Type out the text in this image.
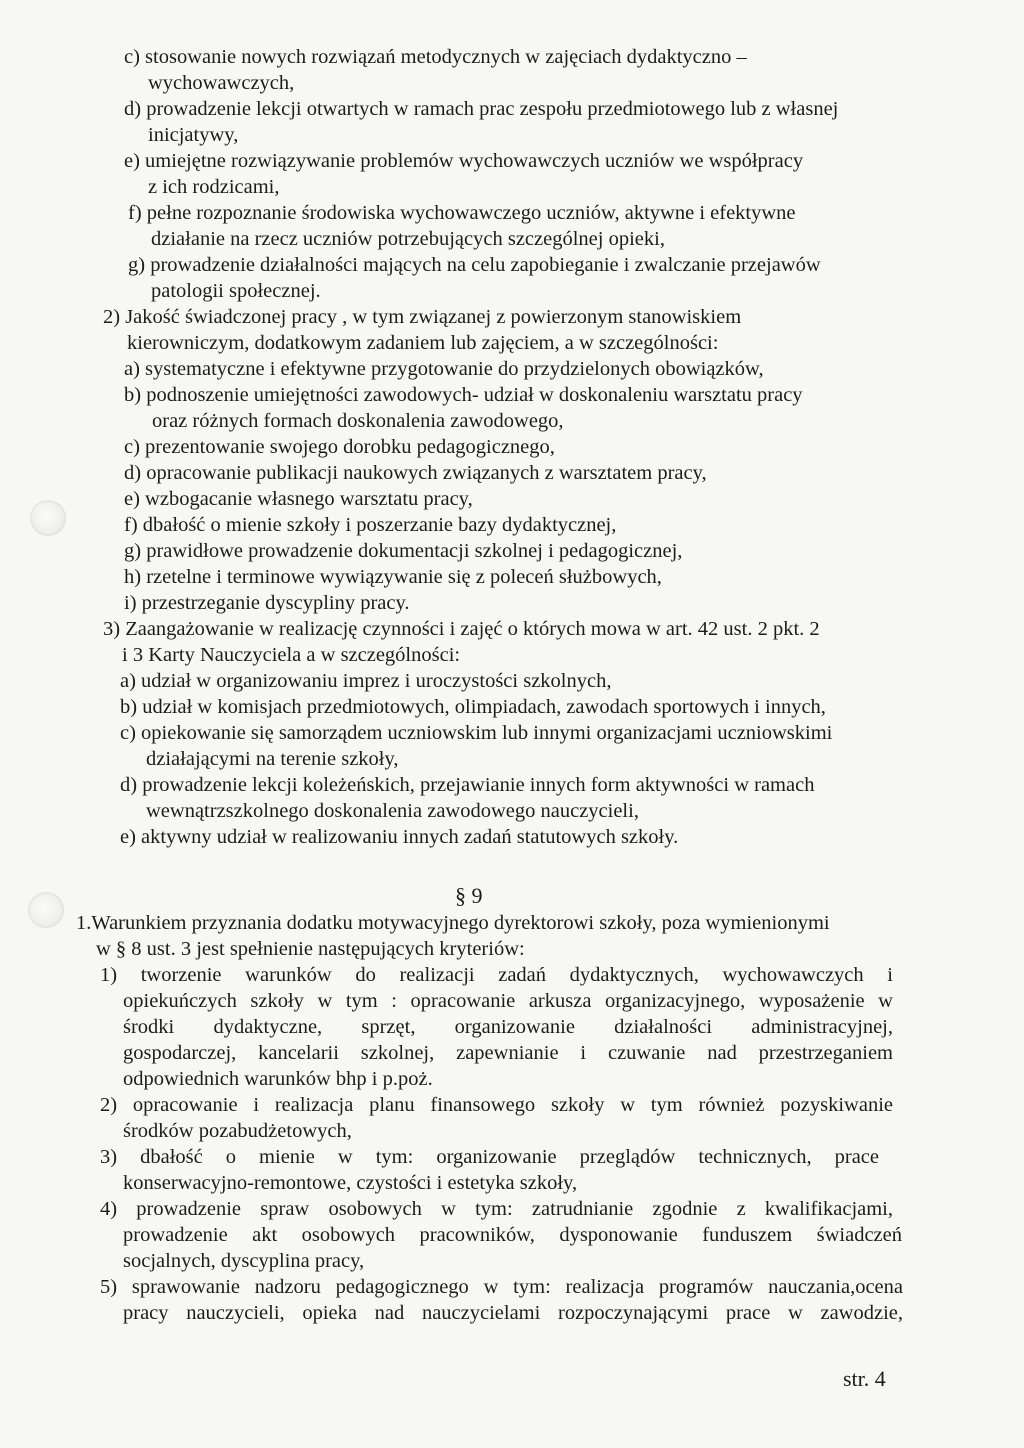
c) stosowanie nowych rozwiązań metodycznych w zajęciach dydaktyczno –
wychowawczych,
d) prowadzenie lekcji otwartych w ramach prac zespołu przedmiotowego lub z własnej
inicjatywy,
e) umiejętne rozwiązywanie problemów wychowawczych uczniów we współpracy
z ich rodzicami,
f) pełne rozpoznanie środowiska wychowawczego uczniów, aktywne i efektywne
działanie na rzecz uczniów potrzebujących szczególnej opieki,
g) prowadzenie działalności mających na celu zapobieganie i zwalczanie przejawów
patologii społecznej.
2) Jakość świadczonej pracy , w tym związanej z powierzonym stanowiskiem
kierowniczym, dodatkowym zadaniem lub zajęciem, a w szczególności:
a) systematyczne i efektywne przygotowanie do przydzielonych obowiązków,
b) podnoszenie umiejętności zawodowych- udział w doskonaleniu warsztatu pracy
oraz różnych formach doskonalenia zawodowego,
c) prezentowanie swojego dorobku pedagogicznego,
d) opracowanie publikacji naukowych związanych z warsztatem pracy,
e) wzbogacanie własnego warsztatu pracy,
f) dbałość o mienie szkoły i poszerzanie bazy dydaktycznej,
g) prawidłowe prowadzenie dokumentacji szkolnej i pedagogicznej,
h) rzetelne i terminowe wywiązywanie się z poleceń służbowych,
i) przestrzeganie dyscypliny pracy.
3) Zaangażowanie w realizację czynności i zajęć o których mowa w art. 42 ust. 2 pkt. 2
i 3 Karty Nauczyciela a w szczególności:
a) udział w organizowaniu imprez i uroczystości szkolnych,
b) udział w komisjach przedmiotowych, olimpiadach, zawodach sportowych i innych,
c) opiekowanie się samorządem uczniowskim lub innymi organizacjami uczniowskimi
działającymi na terenie szkoły,
d) prowadzenie lekcji koleżeńskich, przejawianie innych form aktywności w ramach
wewnątrzszkolnego doskonalenia zawodowego nauczycieli,
e) aktywny udział w realizowaniu innych zadań statutowych szkoły.
§ 9
1.Warunkiem przyznania dodatku motywacyjnego dyrektorowi szkoły, poza wymienionymi
w § 8 ust. 3 jest spełnienie następujących kryteriów:
1) tworzenie warunków do realizacji zadań dydaktycznych, wychowawczych i
opiekuńczych szkoły w tym : opracowanie arkusza organizacyjnego, wyposażenie w
środki dydaktyczne, sprzęt, organizowanie działalności administracyjnej,
gospodarczej, kancelarii szkolnej, zapewnianie i czuwanie nad przestrzeganiem
odpowiednich warunków bhp i p.poż.
2) opracowanie i realizacja planu finansowego szkoły w tym również pozyskiwanie
środków pozabudżetowych,
3) dbałość o mienie w tym: organizowanie przeglądów technicznych, prace
konserwacyjno-remontowe, czystości i estetyka szkoły,
4) prowadzenie spraw osobowych w tym: zatrudnianie zgodnie z kwalifikacjami,
prowadzenie akt osobowych pracowników, dysponowanie funduszem świadczeń
socjalnych, dyscyplina pracy,
5) sprawowanie nadzoru pedagogicznego w tym: realizacja programów nauczania,ocena
pracy nauczycieli, opieka nad nauczycielami rozpoczynającymi prace w zawodzie,
str. 4
